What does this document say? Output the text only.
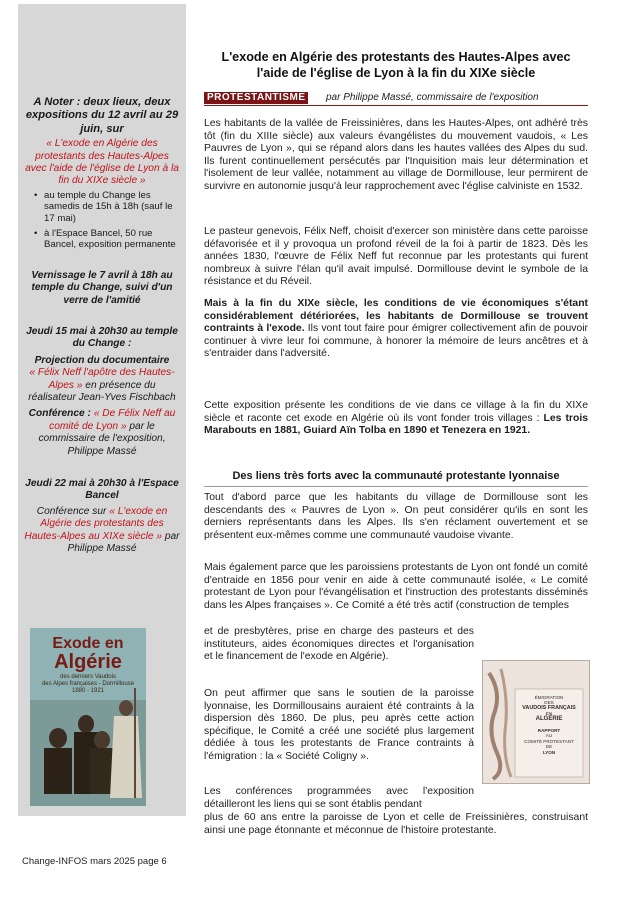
A Noter : deux lieux, deux expositions du 12 avril au 29 juin, sur
« L'exode en Algérie des protestants des Hautes-Alpes avec l'aide de l'église de Lyon à la fin du XIXe siècle »
• au temple du Change les samedis de 15h à 18h (sauf le 17 mai)
• à l'Espace Bancel, 50 rue Bancel, exposition permanente
Vernissage le 7 avril à 18h au temple du Change, suivi d'un verre de l'amitié
Jeudi 15 mai à 20h30 au temple du Change :
Projection du documentaire
« Félix Neff l'apôtre des Hautes-Alpes » en présence du réalisateur Jean-Yves Fischbach
Conférence : « De Félix Neff au comité de Lyon » par le commissaire de l'exposition, Philippe Massé
Jeudi 22 mai à 20h30 à l'Espace Bancel
Conférence sur « L'exode en Algérie des protestants des Hautes-Alpes au XIXe siècle » par Philippe Massé
Exode en
Algérie
des derniers Vaudois
des Alpes françaises - Dormillouse
1880 - 1921
Change-INFOS mars 2025 page 6
L'exode en Algérie des protestants des Hautes-Alpes avec l'aide de l'église de Lyon à la fin du XIXe siècle
PROTESTANTISME	par Philippe Massé, commissaire de l'exposition
Les habitants de la vallée de Freissinières, dans les Hautes-Alpes, ont adhéré très tôt (fin du XIIIe siècle) aux valeurs évangélistes du mouvement vaudois, « Les Pauvres de Lyon », qui se répand alors dans les hautes vallées des Alpes du sud. Ils furent continuellement persécutés par l'Inquisition mais leur détermination et l'isolement de leur vallée, notamment au village de Dormillouse, leur permirent de survivre en autonomie jusqu'à leur rapprochement avec l'église calviniste en 1532.
Le pasteur genevois, Félix Neff, choisit d'exercer son ministère dans cette paroisse défavorisée et il y provoqua un profond réveil de la foi à partir de 1823. Dès les années 1830, l'œuvre de Félix Neff fut reconnue par les protestants qui furent nombreux à suivre l'élan qu'il avait impulsé. Dormillouse devint le symbole de la résistance et du Réveil.
Mais à la fin du XIXe siècle, les conditions de vie économiques s'étant considérablement détériorées, les habitants de Dormillouse se trouvent contraints à l'exode. Ils vont tout faire pour émigrer collectivement afin de pouvoir continuer à vivre leur foi commune, à honorer la mémoire de leurs ancêtres et à s'entraider dans l'adversité.
Cette exposition présente les conditions de vie dans ce village à la fin du XIXe siècle et raconte cet exode en Algérie où ils vont fonder trois villages : Les trois Marabouts en 1881, Guiard Aïn Tolba en 1890 et Tenezera en 1921.
Des liens très forts avec la communauté protestante lyonnaise
Tout d'abord parce que les habitants du village de Dormillouse sont les descendants des « Pauvres de Lyon ». On peut considérer qu'ils en sont les derniers représentants dans les Alpes. Ils s'en réclament ouvertement et se présentent eux-mêmes comme une communauté vaudoise vivante.
Mais également parce que les paroissiens protestants de Lyon ont fondé un comité d'entraide en 1856 pour venir en aide à cette communauté isolée, « Le comité protestant de Lyon pour l'évangélisation et l'instruction des protestants disséminés dans les Alpes françaises ». Ce Comité a été très actif (construction de temples
et de presbytères, prise en charge des pasteurs et des instituteurs, aides économiques directes et l'organisation et le financement de l'exode en Algérie).
On peut affirmer que sans le soutien de la paroisse lyonnaise, les Dormillousains auraient été contraints à la dispersion dès 1860. De plus, peu après cette action spécifique, le Comité a créé une société plus largement dédiée à tous les protestants de France contraints à l'émigration : la « Société Coligny ».
Les conférences programmées avec l'exposition détailleront les liens qui se sont établis pendant
plus de 60 ans entre la paroisse de Lyon et celle de Freissinières, construisant ainsi une page étonnante et méconnue de l'histoire protestante.
ÉMIGRATION
DES
VAUDOIS FRANÇAIS
EN
ALGÉRIE
RAPPORT
AU
COMITÉ PROTESTANT
DE
LYON
